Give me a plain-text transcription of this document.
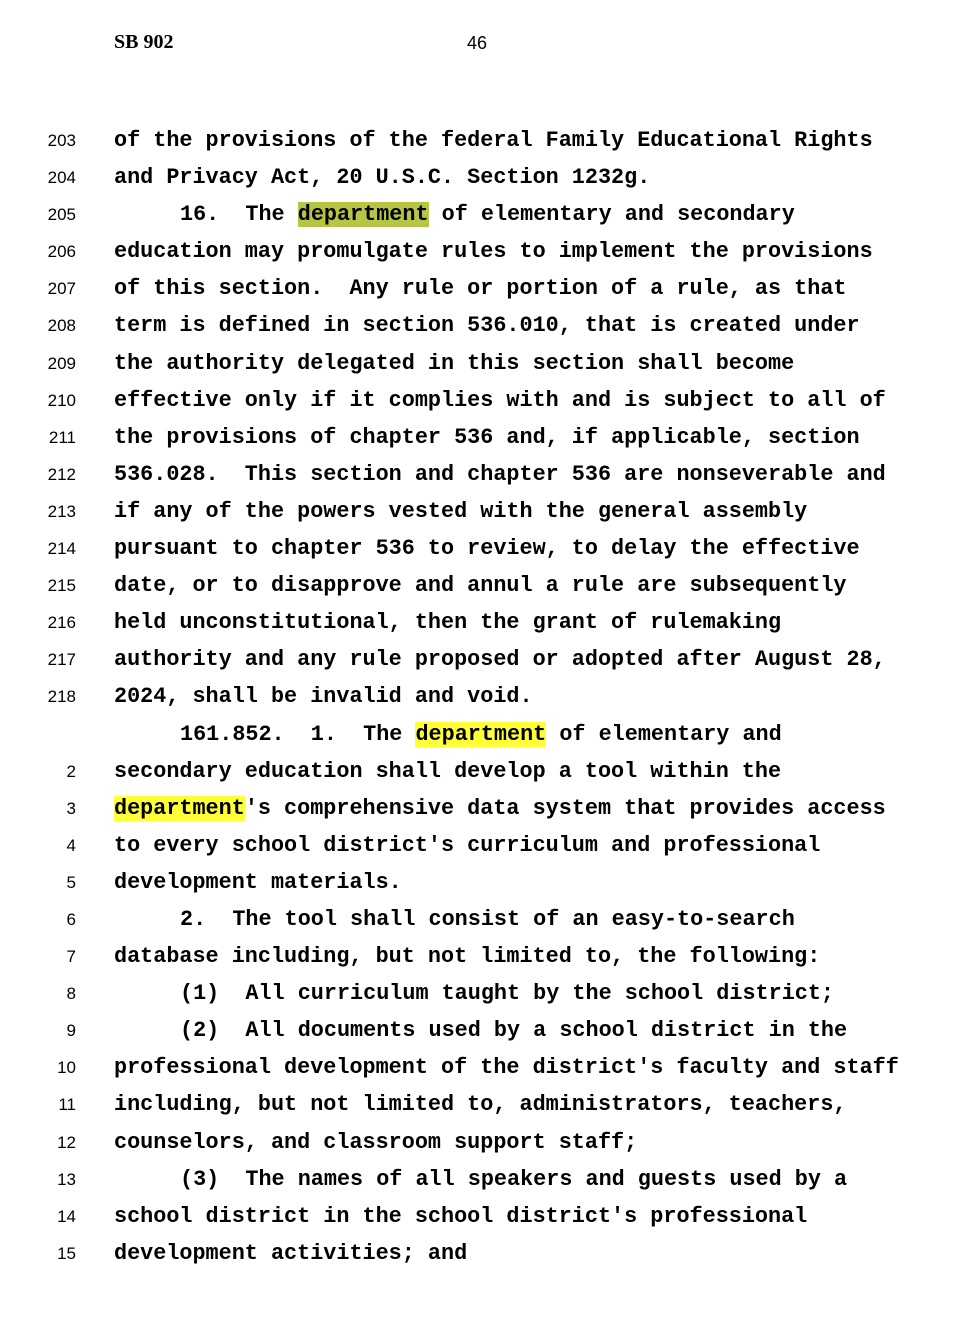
SB 902	46
203 of the provisions of the federal Family Educational Rights
204 and Privacy Act, 20 U.S.C. Section 1232g.
205	16.  The department of elementary and secondary
206 education may promulgate rules to implement the provisions
207 of this section.  Any rule or portion of a rule, as that
208 term is defined in section 536.010, that is created under
209 the authority delegated in this section shall become
210 effective only if it complies with and is subject to all of
211 the provisions of chapter 536 and, if applicable, section
212 536.028.  This section and chapter 536 are nonseverable and
213 if any of the powers vested with the general assembly
214 pursuant to chapter 536 to review, to delay the effective
215 date, or to disapprove and annul a rule are subsequently
216 held unconstitutional, then the grant of rulemaking
217 authority and any rule proposed or adopted after August 28,
218 2024, shall be invalid and void.
161.852.  1.  The department of elementary and
2 secondary education shall develop a tool within the
3 department's comprehensive data system that provides access
4 to every school district's curriculum and professional
5 development materials.
6	2.  The tool shall consist of an easy-to-search
7 database including, but not limited to, the following:
8	(1)  All curriculum taught by the school district;
9	(2)  All documents used by a school district in the
10 professional development of the district's faculty and staff
11 including, but not limited to, administrators, teachers,
12 counselors, and classroom support staff;
13	(3)  The names of all speakers and guests used by a
14 school district in the school district's professional
15 development activities; and
